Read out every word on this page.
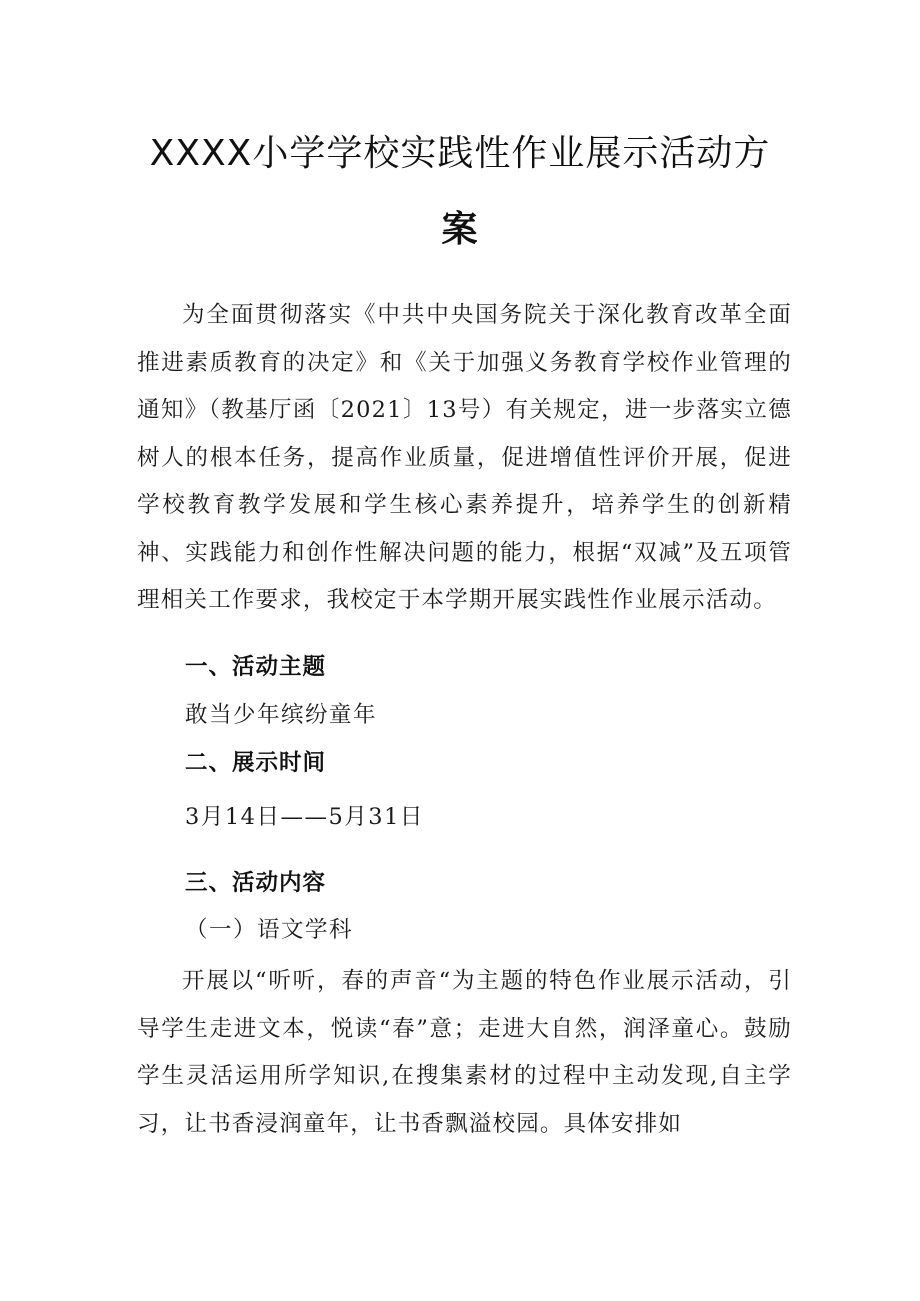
XXXX小学学校实践性作业展示活动方
案

为全面贯彻落实《中共中央国务院关于深化教育改革全面推进素质教育的决定》和《关于加强义务教育学校作业管理的通知》（教基厅函〔2021〕13号）有关规定，进一步落实立德树人的根本任务，提高作业质量，促进增值性评价开展，促进学校教育教学发展和学生核心素养提升，培养学生的创新精神、实践能力和创作性解决问题的能力，根据“双减”及五项管理相关工作要求，我校定于本学期开展实践性作业展示活动。

一、活动主题
敢当少年缤纷童年
二、展示时间
3月14日——5月31日
三、活动内容
（一）语文学科

开展以“听听，春的声音“为主题的特色作业展示活动，引导学生走进文本，悦读“春”意；走进大自然，润泽童心。鼓励学生灵活运用所学知识,在搜集素材的过程中主动发现,自主学习，让书香浸润童年，让书香飘溢校园。具体安排如
